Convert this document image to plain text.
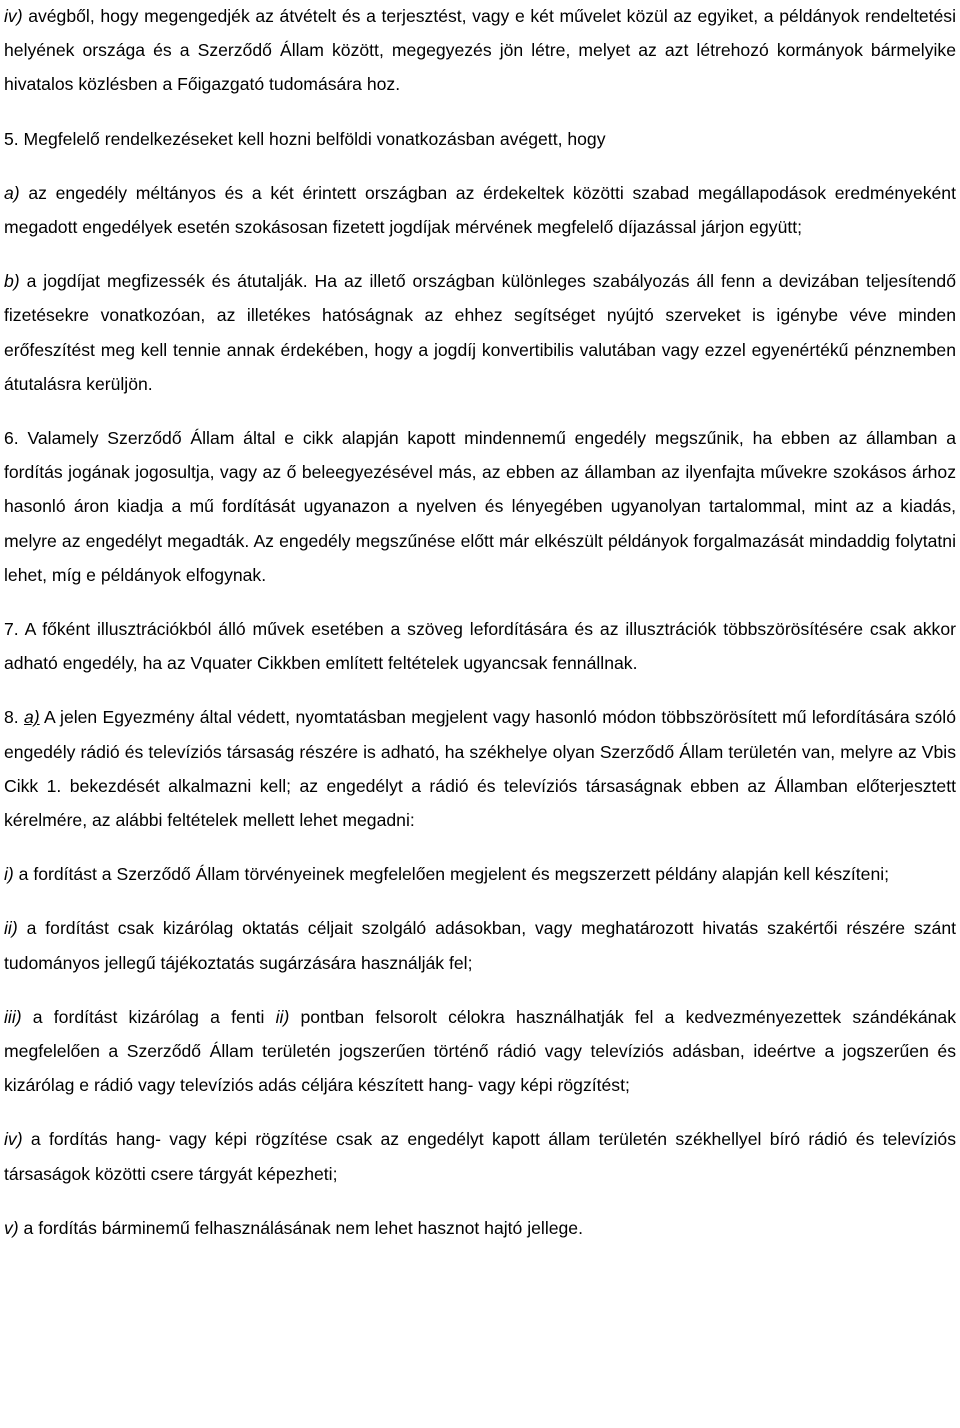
iv) avégből, hogy megengedjék az átvételt és a terjesztést, vagy e két művelet közül az egyiket, a példányok rendeltetési helyének országa és a Szerződő Állam között, megegyezés jön létre, melyet az azt létrehozó kormányok bármelyike hivatalos közlésben a Főigazgató tudomására hoz.

5. Megfelelő rendelkezéseket kell hozni belföldi vonatkozásban avégett, hogy

a) az engedély méltányos és a két érintett országban az érdekeltek közötti szabad megállapodások eredményeként megadott engedélyek esetén szokásosan fizetett jogdíjak mérvének megfelelő díjazással járjon együtt;

b) a jogdíjat megfizessék és átutalják. Ha az illető országban különleges szabályozás áll fenn a devizában teljesítendő fizetésekre vonatkozóan, az illetékes hatóságnak az ehhez segítséget nyújtó szerveket is igénybe véve minden erőfeszítést meg kell tennie annak érdekében, hogy a jogdíj konvertibilis valutában vagy ezzel egyenértékű pénznemben átutalásra kerüljön.

6. Valamely Szerződő Állam által e cikk alapján kapott mindennemű engedély megszűnik, ha ebben az államban a fordítás jogának jogosultja, vagy az ő beleegyezésével más, az ebben az államban az ilyenfajta művekre szokásos árhoz hasonló áron kiadja a mű fordítását ugyanazon a nyelven és lényegében ugyanolyan tartalommal, mint az a kiadás, melyre az engedélyt megadták. Az engedély megszűnése előtt már elkészült példányok forgalmazását mindaddig folytatni lehet, míg e példányok elfogynak.

7. A főként illusztrációkból álló művek esetében a szöveg lefordítására és az illusztrációk többszörösítésére csak akkor adható engedély, ha az Vquater Cikkben említett feltételek ugyancsak fennállnak.

8. a) A jelen Egyezmény által védett, nyomtatásban megjelent vagy hasonló módon többszörösített mű lefordítására szóló engedély rádió és televíziós társaság részére is adható, ha székhelye olyan Szerződő Állam területén van, melyre az Vbis Cikk 1. bekezdését alkalmazni kell; az engedélyt a rádió és televíziós társaságnak ebben az Államban előterjesztett kérelmére, az alábbi feltételek mellett lehet megadni:

i) a fordítást a Szerződő Állam törvényeinek megfelelően megjelent és megszerzett példány alapján kell készíteni;

ii) a fordítást csak kizárólag oktatás céljait szolgáló adásokban, vagy meghatározott hivatás szakértői részére szánt tudományos jellegű tájékoztatás sugárzására használják fel;

iii) a fordítást kizárólag a fenti ii) pontban felsorolt célokra használhatják fel a kedvezményezettek szándékának megfelelően a Szerződő Állam területén jogszerűen történő rádió vagy televíziós adásban, ideértve a jogszerűen és kizárólag e rádió vagy televíziós adás céljára készített hang- vagy képi rögzítést;

iv) a fordítás hang- vagy képi rögzítése csak az engedélyt kapott állam területén székhellyel bíró rádió és televíziós társaságok közötti csere tárgyát képezheti;

v) a fordítás bárminemű felhasználásának nem lehet hasznot hajtó jellege.
